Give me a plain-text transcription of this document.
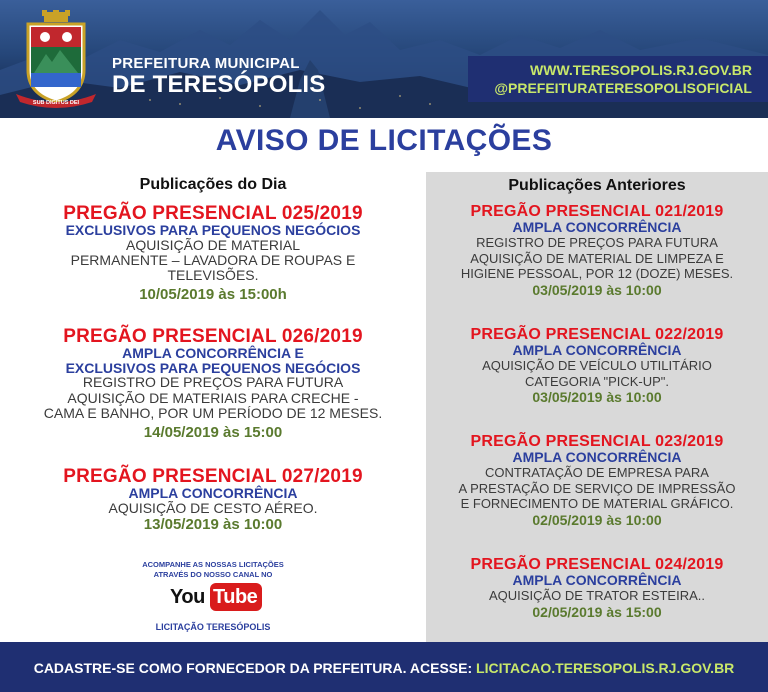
SUB DIGITUS DEI
PREFEITURA MUNICIPAL
DE TERESÓPOLIS
WWW.TERESOPOLIS.RJ.GOV.BR
@PREFEITURATERESOPOLISOFICIAL
AVISO DE LICITAÇÕES
Publicações do Dia
PREGÃO PRESENCIAL 025/2019
EXCLUSIVOS PARA PEQUENOS NEGÓCIOS
AQUISIÇÃO DE MATERIAL
PERMANENTE – LAVADORA DE ROUPAS E
TELEVISÕES.
10/05/2019 às 15:00h
PREGÃO PRESENCIAL 026/2019
AMPLA CONCORRÊNCIA E
EXCLUSIVOS PARA PEQUENOS NEGÓCIOS
REGISTRO DE PREÇOS PARA FUTURA
AQUISIÇÃO DE MATERIAIS PARA CRECHE -
CAMA E BANHO, POR UM PERÍODO DE 12 MESES.
14/05/2019 às 15:00
PREGÃO PRESENCIAL 027/2019
AMPLA CONCORRÊNCIA
AQUISIÇÃO DE CESTO AÉREO.
13/05/2019 às 10:00
ACOMPANHE AS NOSSAS LICITAÇÕES
ATRAVÉS DO NOSSO CANAL NO
You Tube
LICITAÇÃO TERESÓPOLIS
Publicações Anteriores
PREGÃO PRESENCIAL 021/2019
AMPLA CONCORRÊNCIA
REGISTRO DE PREÇOS PARA FUTURA
AQUISIÇÃO DE MATERIAL DE LIMPEZA E
HIGIENE PESSOAL, POR 12 (DOZE) MESES.
03/05/2019 às 10:00
PREGÃO PRESENCIAL 022/2019
AMPLA CONCORRÊNCIA
AQUISIÇÃO DE VEÍCULO UTILITÁRIO
CATEGORIA "PICK-UP".
03/05/2019 às 10:00
PREGÃO PRESENCIAL 023/2019
AMPLA CONCORRÊNCIA
CONTRATAÇÃO DE EMPRESA PARA
A PRESTAÇÃO DE SERVIÇO DE IMPRESSÃO
E FORNECIMENTO DE MATERIAL GRÁFICO.
02/05/2019 às 10:00
PREGÃO PRESENCIAL 024/2019
AMPLA CONCORRÊNCIA
AQUISIÇÃO DE TRATOR ESTEIRA..
02/05/2019 às 15:00
CADASTRE-SE COMO FORNECEDOR DA PREFEITURA. ACESSE: LICITACAO.TERESOPOLIS.RJ.GOV.BR
